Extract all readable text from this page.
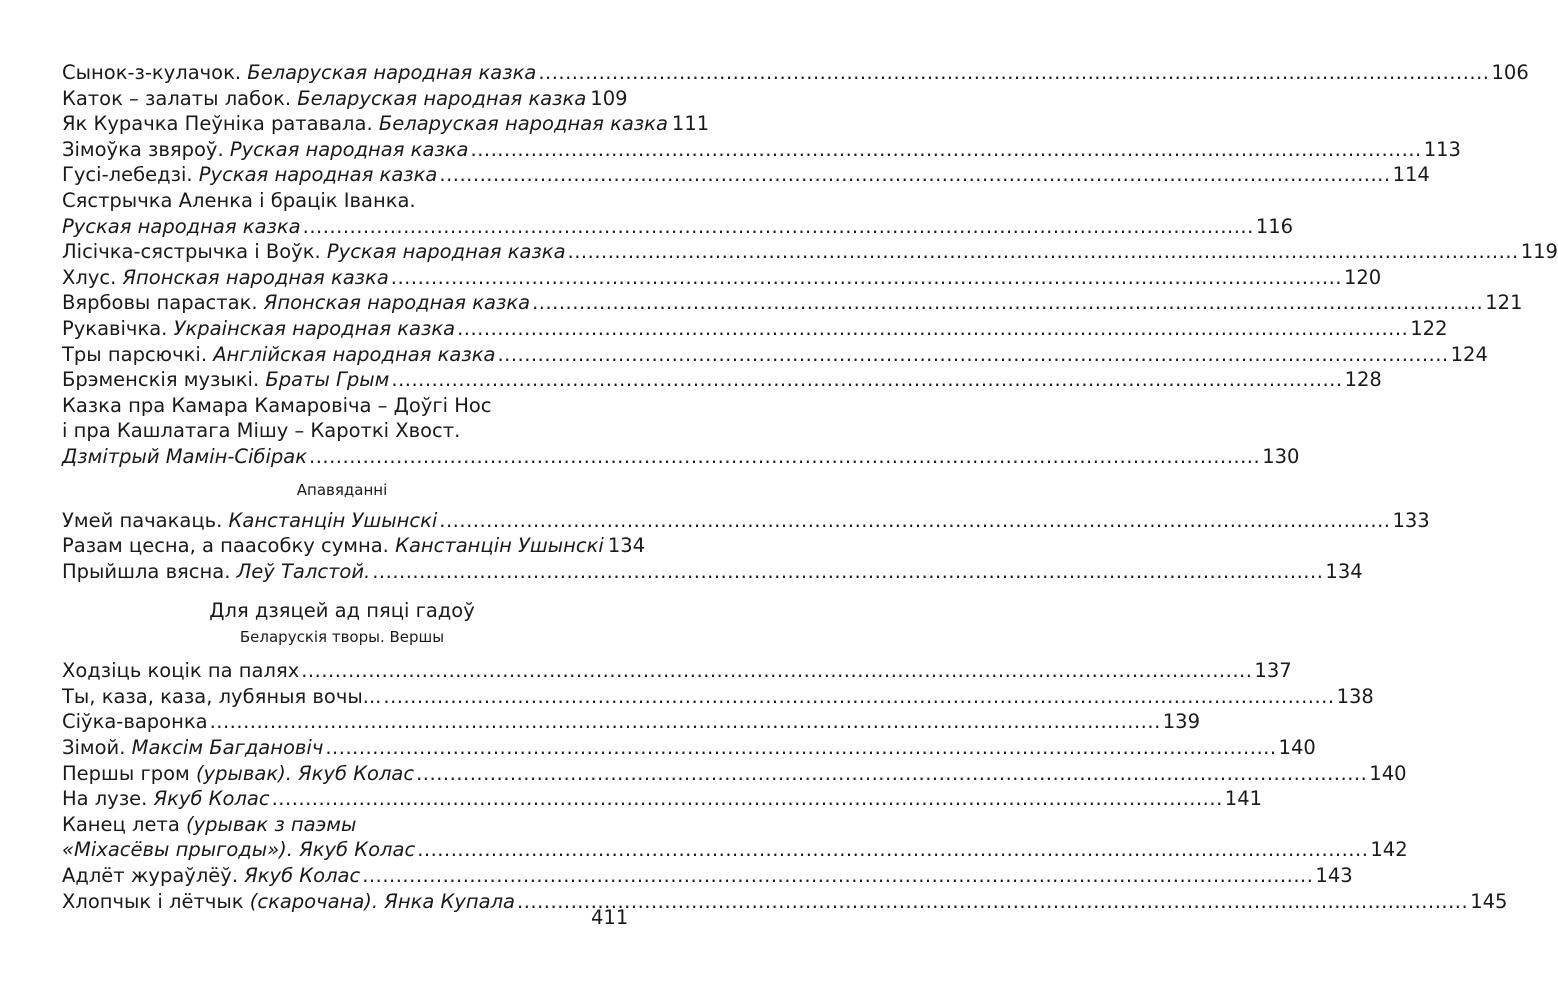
Сынок-з-кулачок. Беларуская народная казка .....	106
Каток – залаты лабок. Беларуская народная казка 109
Як Курачка Пеўніка ратавала. Беларуская народная казка 111
Зімоўка звяроў. Руская народная казка .....	113
Гусі-лебедзі. Руская народная казка .....	114
Сястрычка Аленка і брацік Іванка.
Руская народная казка .....	116
Лісічка-сястрычка і Воўк. Руская народная казка .....	119
Хлус. Японская народная казка .....	120
Вярбовы парастак. Японская народная казка .....	121
Рукавічка. Украінская народная казка .....	122
Тры парсючкі. Англійская народная казка .....	124
Брэменскія музыкі. Браты Грым .....	128
Казка пра Камара Камаровіча – Доўгі Нос
і пра Кашлатага Мішу – Кароткі Хвост.
Дзмітрый Мамін-Сібірак .....	130
Апавяданні
Умей пачакаць. Канстанцін Ушынскі .....	133
Разам цесна, а паасобку сумна. Канстанцін Ушынскі 134
Прыйшла вясна. Леў Талстой. .....	134
Для дзяцей ад пяці гадоў
Беларускія творы. Вершы
Ходзіць коцік па палях .....	137
Ты, каза, каза, лубяныя вочы... .....	138
Сіўка-варонка .....	139
Зімой. Максім Багдановіч .....	140
Першы гром (урывак). Якуб Колас .....	140
На лузе. Якуб Колас .....	141
Канец лета (урывак з паэмы
«Міхасёвы прыгоды»). Якуб Колас .....	142
Адлёт жураўлёў. Якуб Колас .....	143
Хлопчык і лётчык (скарочана). Янка Купала .....	145
411
